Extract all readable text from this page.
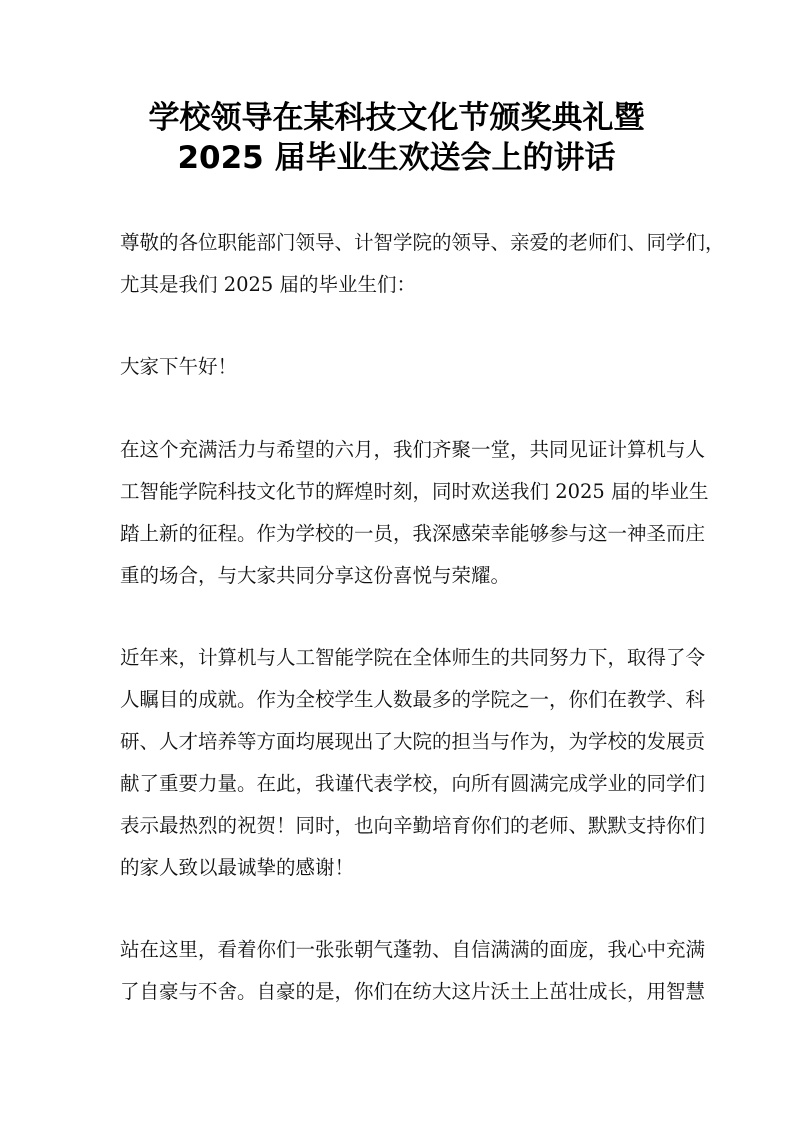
学校领导在某科技文化节颁奖典礼暨
2025 届毕业生欢送会上的讲话
尊敬的各位职能部门领导、计智学院的领导、亲爱的老师们、同学们，
尤其是我们 2025 届的毕业生们：
大家下午好！
在这个充满活力与希望的六月，我们齐聚一堂，共同见证计算机与人
工智能学院科技文化节的辉煌时刻，同时欢送我们 2025 届的毕业生
踏上新的征程。作为学校的一员，我深感荣幸能够参与这一神圣而庄
重的场合，与大家共同分享这份喜悦与荣耀。
近年来，计算机与人工智能学院在全体师生的共同努力下，取得了令
人瞩目的成就。作为全校学生人数最多的学院之一，你们在教学、科
研、人才培养等方面均展现出了大院的担当与作为，为学校的发展贡
献了重要力量。在此，我谨代表学校，向所有圆满完成学业的同学们
表示最热烈的祝贺！同时，也向辛勤培育你们的老师、默默支持你们
的家人致以最诚挚的感谢！
站在这里，看着你们一张张朝气蓬勃、自信满满的面庞，我心中充满
了自豪与不舍。自豪的是，你们在纺大这片沃土上茁壮成长，用智慧
